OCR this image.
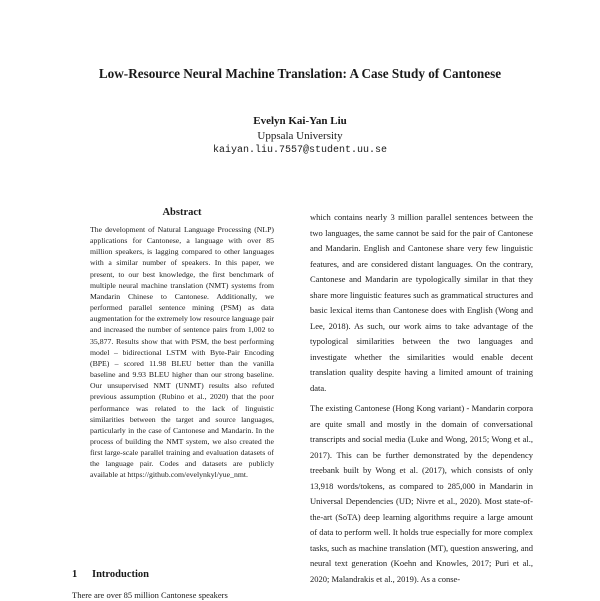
Low-Resource Neural Machine Translation: A Case Study of Cantonese
Evelyn Kai-Yan Liu
Uppsala University
kaiyan.liu.7557@student.uu.se
Abstract

The development of Natural Language Processing (NLP) applications for Cantonese, a language with over 85 million speakers, is lagging compared to other languages with a similar number of speakers. In this paper, we present, to our best knowledge, the first benchmark of multiple neural machine translation (NMT) systems from Mandarin Chinese to Cantonese. Additionally, we performed parallel sentence mining (PSM) as data augmentation for the extremely low resource language pair and increased the number of sentence pairs from 1,002 to 35,877. Results show that with PSM, the best performing model – bidirectional LSTM with Byte-Pair Encoding (BPE) – scored 11.98 BLEU better than the vanilla baseline and 9.93 BLEU higher than our strong baseline. Our unsupervised NMT (UNMT) results also refuted previous assumption (Rubino et al., 2020) that the poor performance was related to the lack of linguistic similarities between the target and source languages, particularly in the case of Cantonese and Mandarin. In the process of building the NMT system, we also created the first large-scale parallel training and evaluation datasets of the language pair. Codes and datasets are publicly available at https://github.com/evelynkyl/yue_nmt.

1 Introduction

There are over 85 million Cantonese speakers

which contains nearly 3 million parallel sentences between the two languages, the same cannot be said for the pair of Cantonese and Mandarin. English and Cantonese share very few linguistic features, and are considered distant languages. On the contrary, Cantonese and Mandarin are typologically similar in that they share more linguistic features such as grammatical structures and basic lexical items than Cantonese does with English (Wong and Lee, 2018). As such, our work aims to take advantage of the typological similarities between the two languages and investigate whether the similarities would enable decent translation quality despite having a limited amount of training data.

The existing Cantonese (Hong Kong variant) - Mandarin corpora are quite small and mostly in the domain of conversational transcripts and social media (Luke and Wong, 2015; Wong et al., 2017). This can be further demonstrated by the dependency treebank built by Wong et al. (2017), which consists of only 13,918 words/tokens, as compared to 285,000 in Mandarin in Universal Dependencies (UD; Nivre et al., 2020). Most state-of-the-art (SoTA) deep learning algorithms require a large amount of data to perform well. It holds true especially for more complex tasks, such as machine translation (MT), question answering, and neural text generation (Koehn and Knowles, 2017; Puri et al., 2020; Malandrakis et al., 2019). As a conse-
